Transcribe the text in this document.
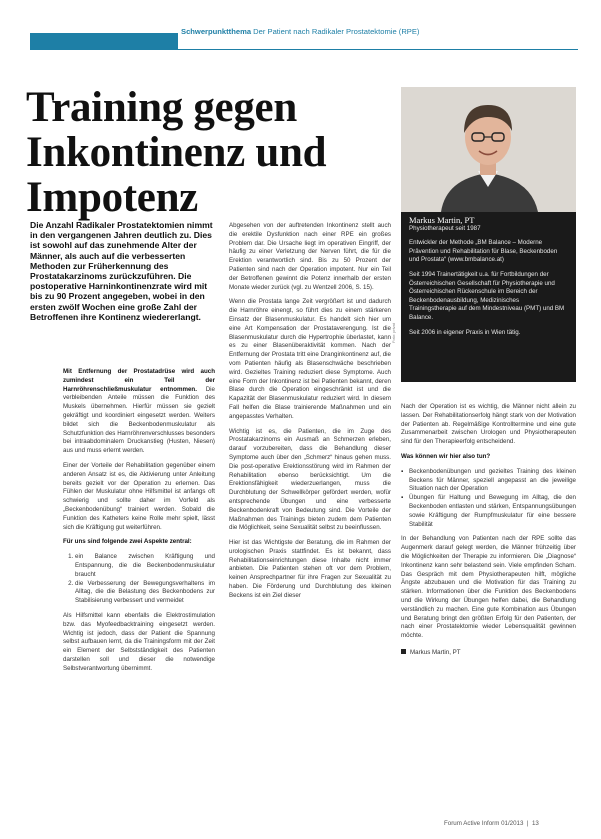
Schwerpunktthema Der Patient nach Radikaler Prostatektomie (RPE)
Training gegen
Inkontinenz und
Impotenz
Foto: privat
Markus Martin, PT
Physiotherapeut seit 1987

Entwickler der Methode „BM Balance – Moderne Prävention und Rehabilitation für Blase, Beckenboden und Prostata“ (www.bmbalance.at)

Seit 1994 Trainertätigkeit u.a. für Fortbildungen der Österreichischen Gesellschaft für Physiotherapie und Österreichischen Rückenschule im Bereich der Beckenbodenausbildung, Medizinisches Trainingstherapie auf dem Mindestniveau (PMT) und BM Balance.

Seit 2006 in eigener Praxis in Wien tätig.

Die Anzahl Radikaler Prostatektomien nimmt in den vergangenen Jahren deutlich zu. Dies ist sowohl auf das zunehmende Alter der Männer, als auch auf die verbesserten Methoden zur Früherkennung des Prostatakarzinoms zurückzuführen. Die postoperative Harninkontinenzrate wird mit bis zu 90 Prozent angegeben, wobei in den ersten zwölf Wochen eine große Zahl der Betroffenen ihre Kontinenz wiedererlangt.

Mit Entfernung der Prostatadrüse wird auch zumindest ein Teil der Harnröhrenschließmuskulatur entnommen. Die verbleibenden Anteile müssen die Funktion des Muskels übernehmen. Hierfür müssen sie gezielt gekräftigt und koordiniert eingesetzt werden. Weiters bildet sich die Beckenbodenmuskulatur als Schutzfunktion des Harnröhrenverschlusses besonders bei intraabdominalem Druckanstieg (Husten, Niesen) aus und muss erlernt werden.

Einer der Vorteile der Rehabilitation gegenüber einem anderen Ansatz ist es, die Aktivierung unter Anleitung bereits gezielt vor der Operation zu erlernen. Das Fühlen der Muskulatur ohne Hilfsmittel ist anfangs oft schwierig und sollte daher im Vorfeld als „Beckenbodenübung“ trainiert werden. Sobald die Funktion des Katheters keine Rolle mehr spielt, lässt sich die Kräftigung gut weiterführen.

Für uns sind folgende zwei Aspekte zentral:

1. ein Balance zwischen Kräftigung und Entspannung, die die Beckenbodenmuskulatur braucht
2. die Verbesserung der Bewegungsverhaltens im Alltag, die die Belastung des Beckenbodens zur Stabilisierung verbessert und vermeidet

Als Hilfsmittel kann ebenfalls die Elektrostimulation bzw. das Myofeedbacktraining eingesetzt werden. Wichtig ist jedoch, dass der Patient die Spannung selbst aufbauen lernt, da die Trainingsform mit der Zeit ein Element der Selbstständigkeit des Patienten darstellen soll und dieser die notwendige Selbstverantwortung übernimmt.

Abgesehen von der auftretenden Inkontinenz stellt auch die erektile Dysfunktion nach einer RPE ein großes Problem dar. Die Ursache liegt im operativen Eingriff, der häufig zu einer Verletzung der Nerven führt, die für die Erektion verantwortlich sind. Bis zu 50 Prozent der Patienten sind nach der Operation impotent. Nur ein Teil der Betroffenen gewinnt die Potenz innerhalb der ersten Monate wieder zurück (vgl. zu Wentzell 2006, S. 15).

Wenn die Prostata lange Zeit vergrößert ist und dadurch die Harnröhre einengt, so führt dies zu einem stärkeren Einsatz der Blasenmuskulatur. Es handelt sich hier um eine Art Kompensation der Prostataverengung. Ist die Blasenmuskulatur durch die Hypertrophie überlastet, kann es zu einer Blasenüberaktivität kommen. Nach der Entfernung der Prostata tritt eine Dranginkontinenz auf, die vom Patienten häufig als Blasenschwäche beschrieben wird. Gezieltes Training reduziert diese Symptome. Auch eine Form der Inkontinenz ist bei Patienten bekannt, deren Blase durch die Operation eingeschränkt ist und die Kapazität der Blasenmuskulatur reduziert wird. In diesem Fall helfen die Blase trainierende Maßnahmen und ein angepasstes Verhalten.

Wichtig ist es, die Patienten, die im Zuge des Prostatakarzinoms ein Ausmaß an Schmerzen erleben, darauf vorzubereiten, dass die Behandlung dieser Symptome auch über den „Schmerz“ hinaus gehen muss. Die post-operative Erektionsstörung wird im Rahmen der Rehabilitation ebenso berücksichtigt. Um die Erektionsfähigkeit wiederzuerlangen, muss die Durchblutung der Schwellkörper gefördert werden, wofür entsprechende Übungen und eine verbesserte Beckenbodenkraft von Bedeutung sind. Die Vorteile der Maßnahmen des Trainings bieten zudem dem Patienten die Möglichkeit, seine Sexualität selbst zu beeinflussen.

Hier ist das Wichtigste der Beratung, die im Rahmen der urologischen Praxis stattfindet. Es ist bekannt, dass Rehabilitationseinrichtungen diese Inhalte nicht immer anbieten. Die Patienten stehen oft vor dem Problem, keinen Ansprechpartner für ihre Fragen zur Sexualität zu haben. Die Förderung und Durchblutung des kleinen Beckens ist ein Ziel dieser

Nach der Operation ist es wichtig, die Männer nicht allein zu lassen. Der Rehabilitationserfolg hängt stark von der Motivation der Patienten ab. Regelmäßige Kontrolltermine und eine gute Zusammenarbeit zwischen Urologen und Physiotherapeuten sind für den Therapieerfolg entscheidend.

Was können wir hier also tun?

▪ Beckenbodenübungen und gezieltes Training des kleinen Beckens für Männer, speziell angepasst an die jeweilige Situation nach der Operation
▪ Übungen für Haltung und Bewegung im Alltag, die den Beckenboden entlasten und stärken, Entspannungsübungen sowie Kräftigung der Rumpfmuskulatur für eine bessere Stabilität

In der Behandlung von Patienten nach der RPE sollte das Augenmerk darauf gelegt werden, die Männer frühzeitig über die Möglichkeiten der Therapie zu informieren. Die „Diagnose“ Inkontinenz kann sehr belastend sein. Viele empfinden Scham. Das Gespräch mit dem Physiotherapeuten hilft, mögliche Ängste abzubauen und die Motivation für das Training zu stärken. Informationen über die Funktion des Beckenbodens und die Wirkung der Übungen helfen dabei, die Behandlung verständlich zu machen. Eine gute Kombination aus Übungen und Beratung bringt den größten Erfolg für den Patienten, der nach einer Prostatektomie wieder Lebensqualität gewinnen möchte.

Markus Martin, PT
Forum Active Inform 01/2013  |  13
